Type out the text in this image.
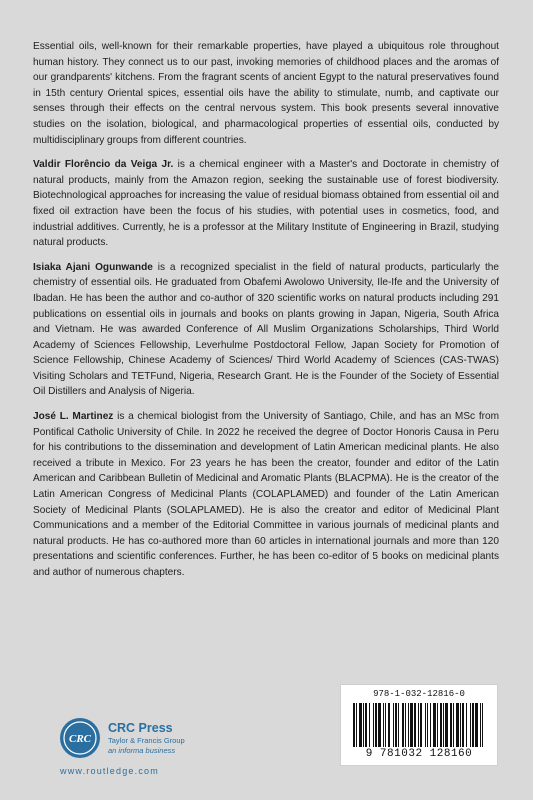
Essential oils, well-known for their remarkable properties, have played a ubiquitous role throughout human history. They connect us to our past, invoking memories of childhood places and the aromas of our grandparents' kitchens. From the fragrant scents of ancient Egypt to the natural preservatives found in 15th century Oriental spices, essential oils have the ability to stimulate, numb, and captivate our senses through their effects on the central nervous system. This book presents several innovative studies on the isolation, biological, and pharmacological properties of essential oils, conducted by multidisciplinary groups from different countries.

Valdir Florêncio da Veiga Jr. is a chemical engineer with a Master's and Doctorate in chemistry of natural products, mainly from the Amazon region, seeking the sustainable use of forest biodiversity. Biotechnological approaches for increasing the value of residual biomass obtained from essential oil and fixed oil extraction have been the focus of his studies, with potential uses in cosmetics, food, and industrial additives. Currently, he is a professor at the Military Institute of Engineering in Brazil, studying natural products.

Isiaka Ajani Ogunwande is a recognized specialist in the field of natural products, particularly the chemistry of essential oils. He graduated from Obafemi Awolowo University, Ile-Ife and the University of Ibadan. He has been the author and co-author of 320 scientific works on natural products including 291 publications on essential oils in journals and books on plants growing in Japan, Nigeria, South Africa and Vietnam. He was awarded Conference of All Muslim Organizations Scholarships, Third World Academy of Sciences Fellowship, Leverhulme Postdoctoral Fellow, Japan Society for Promotion of Science Fellowship, Chinese Academy of Sciences/ Third World Academy of Sciences (CAS-TWAS) Visiting Scholars and TETFund, Nigeria, Research Grant. He is the Founder of the Society of Essential Oil Distillers and Analysis of Nigeria.

José L. Martinez is a chemical biologist from the University of Santiago, Chile, and has an MSc from Pontifical Catholic University of Chile. In 2022 he received the degree of Doctor Honoris Causa in Peru for his contributions to the dissemination and development of Latin American medicinal plants. He also received a tribute in Mexico. For 23 years he has been the creator, founder and editor of the Latin American and Caribbean Bulletin of Medicinal and Aromatic Plants (BLACPMA). He is the creator of the Latin American Congress of Medicinal Plants (COLAPLAMED) and founder of the Latin American Society of Medicinal Plants (SOLAPLAMED). He is also the creator and editor of Medicinal Plant Communications and a member of the Editorial Committee in various journals of medicinal plants and natural products. He has co-authored more than 60 articles in international journals and more than 120 presentations and scientific conferences. Further, he has been co-editor of 5 books on medicinal plants and author of numerous chapters.

CRC
CRC Press
Taylor & Francis Group
an informa business
www.routledge.com
978-1-032-12816-0
9 781032 128160
